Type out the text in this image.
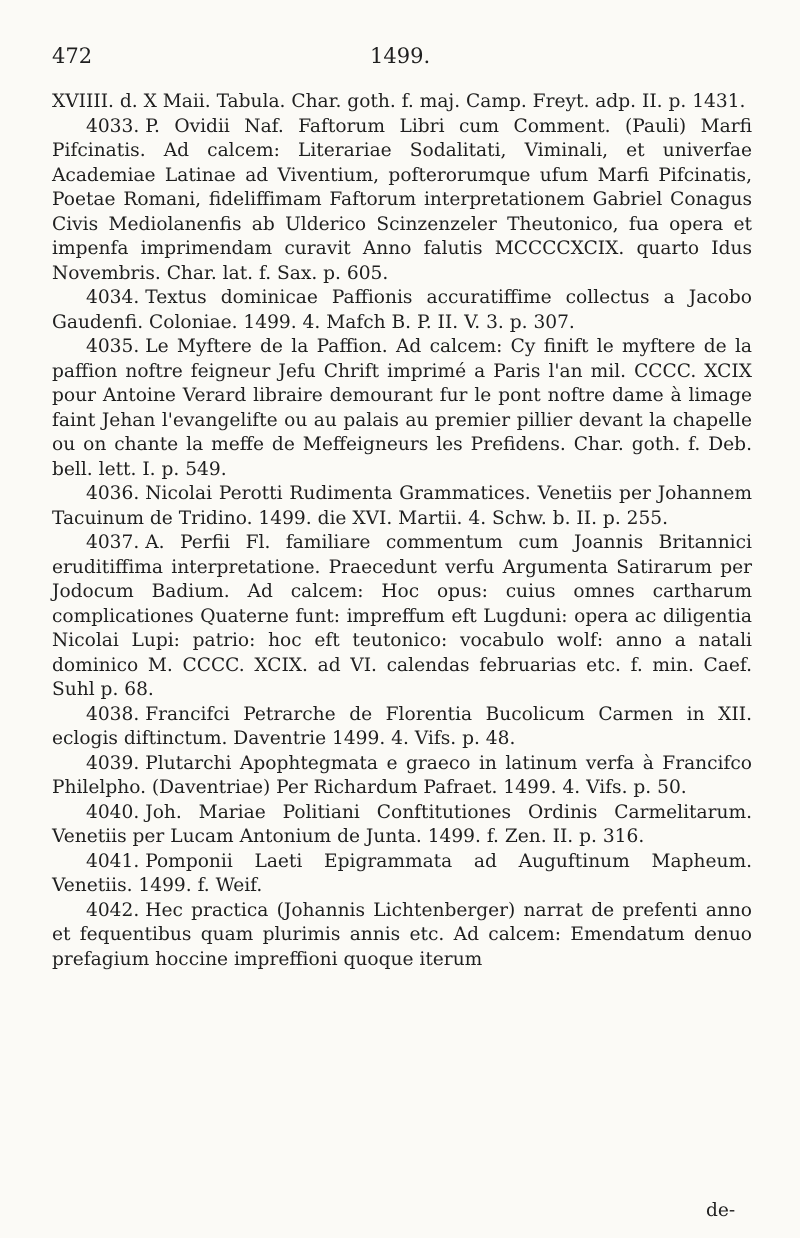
472	1499.

XVIIII. d. X Maii. Tabula. Char. goth. f. maj. Camp. Freyt. adp. II. p. 1431.

4033. P. Ovidii Naf. Faftorum Libri cum Comment. (Pauli) Marfi Pifcinatis. Ad calcem: Literariae Sodalitati, Viminali, et univerfae Academiae Latinae ad Viventium, pofterorumque ufum Marfi Pifcinatis, Poetae Romani, fideliffimam Faftorum interpretationem Gabriel Conagus Civis Mediolanenfis ab Ulderico Scinzenzeler Theutonico, fua opera et impenfa imprimendam curavit Anno falutis MCCCCXCIX. quarto Idus Novembris. Char. lat. f. Sax. p. 605.

4034. Textus dominicae Paffionis accuratiffime collectus a Jacobo Gaudenfi. Coloniae. 1499. 4. Mafch B. P. II. V. 3. p. 307.

4035. Le Myftere de la Paffion. Ad calcem: Cy finift le myftere de la paffion noftre feigneur Jefu Chrift imprimé a Paris l'an mil. CCCC. XCIX pour Antoine Verard libraire demourant fur le pont noftre dame à limage faint Jehan l'evangelifte ou au palais au premier pillier devant la chapelle ou on chante la meffe de Meffeigneurs les Prefidens. Char. goth. f. Deb. bell. lett. I. p. 549.

4036. Nicolai Perotti Rudimenta Grammatices. Venetiis per Johannem Tacuinum de Tridino. 1499. die XVI. Martii. 4. Schw. b. II. p. 255.

4037. A. Perfii Fl. familiare commentum cum Joannis Britannici eruditiffima interpretatione. Praecedunt verfu Argumenta Satirarum per Jodocum Badium. Ad calcem: Hoc opus: cuius omnes cartharum complicationes Quaterne funt: impreffum eft Lugduni: opera ac diligentia Nicolai Lupi: patrio: hoc eft teutonico: vocabulo wolf: anno a natali dominico M. CCCC. XCIX. ad VI. calendas februarias etc. f. min. Caef. Suhl p. 68.

4038. Francifci Petrarche de Florentia Bucolicum Carmen in XII. eclogis diftinctum. Daventrie 1499. 4. Vifs. p. 48.

4039. Plutarchi Apophtegmata e graeco in latinum verfa à Francifco Philelpho. (Daventriae) Per Richardum Pafraet. 1499. 4. Vifs. p. 50.

4040. Joh. Mariae Politiani Conftitutiones Ordinis Carmelitarum. Venetiis per Lucam Antonium de Junta. 1499. f. Zen. II. p. 316.

4041. Pomponii Laeti Epigrammata ad Auguftinum Mapheum. Venetiis. 1499. f. Weif.

4042. Hec practica (Johannis Lichtenberger) narrat de prefenti anno et fequentibus quam plurimis annis etc. Ad calcem: Emendatum denuo prefagium hoccine impreffioni quoque iterum

de-
